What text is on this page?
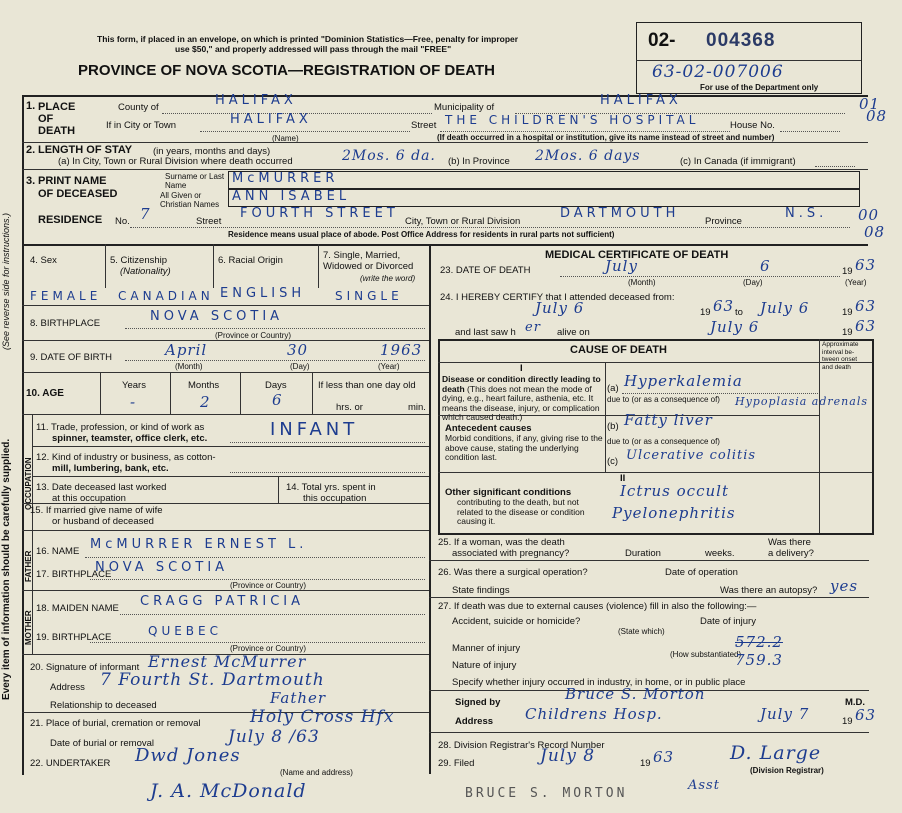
This form, if placed in an envelope, on which is printed "Dominion Statistics—Free, penalty for improper
use $50," and properly addressed will pass through the mail "FREE"
PROVINCE OF NOVA SCOTIA—REGISTRATION OF DEATH
02- 004368
63-02-007006
For use of the Department only
01
08
00
08
Every item of information should be carefully supplied.
(See reverse side for instructions.)
1. PLACE OF DEATH
County of	HALIFAX	Municipality of	HALIFAX
If in City or Town	HALIFAX
(Name)
Street THE CHILDREN'S HOSPITAL	House No.
(If death occurred in a hospital or institution, give its name instead of street and number)
2. LENGTH OF STAY (in years, months and days)
(a) In City, Town or Rural Division where death occurred	2Mos. 6 da. (b) In Province 2Mos. 6 days	(c) In Canada (if immigrant)
3. PRINT NAME
OF DECEASED
Surname or Last Name	McMURRER
All Given or Christian Names
ANN ISABEL
RESIDENCE No. 7	Street
FOURTH STREET
City, Town or Rural Division
DARTMOUTH
Province
N.S.
Residence means usual place of abode. Post Office Address for residents in rural parts not sufficient)
4. Sex	5. Citizenship
(Nationality)
6. Racial Origin	7. Single, Married, Widowed or Divorced
(write the word)
FEMALE CANADIAN ENGLISH SINGLE
8. BIRTHPLACE	NOVA SCOTIA
(Province or Country)
9. DATE OF BIRTH	April	30	1963
(Month)	(Day)	(Year)
10. AGE
Years	Months	Days
-	2	6
If less than one day old
hrs. or	min.
OCCUPATION
11. Trade, profession, or kind of work as
spinner, teamster, office clerk, etc.	INFANT
12. Kind of industry or business, as cotton-
mill, lumbering, bank, etc.
13. Date deceased last worked
at this occupation
14. Total yrs. spent in
this occupation
15. If married give name of wife
or husband of deceased
FATHER 16. NAME McMURRER ERNEST L.
17. BIRTHPLACE
NOVA SCOTIA
(Province or Country)
MOTHER
18. MAIDEN NAME CRAGG PATRICIA
19. BIRTHPLACE	QUEBEC
(Province or Country)
20. Signature of informant Ernest McMurrer
Address 7 Fourth St. Dartmouth
Relationship to deceased	Father
21. Place of burial, cremation or removal	Holy Cross Hfx
Date of burial or removal	July 8 /63
22. UNDERTAKER Dwd Jones
(Name and address)
J. A. McDonald
MEDICAL CERTIFICATE OF DEATH
23. DATE OF DEATH	July	6	19 63
(Month)	(Day)	(Year)
24. I HEREBY CERTIFY that I attended deceased from:
July 6	19 63 to July 6	19 63
and last saw h er alive on	July 6	19 63
CAUSE OF DEATH	Approximate interval be-tween onset and death
I
Disease or condition directly leading to death (This does not mean the mode of dying, e.g., heart failure, asthenia, etc. It means the disease, injury, or complication which caused death.)
(a) Hyperkalemia
due to (or as a consequence of) Hypoplasia adrenals
Antecedent causes
Morbid conditions, if any, giving rise to the above cause, stating the underlying condition last.
(b) Fatty liver
due to (or as a consequence of)
(c) Ulcerative colitis
II
Other significant conditions
contributing to the death, but not related to the disease or condition causing it.
Ictrus occult
Pyelonephritis
25. If a woman, was the death
associated with pregnancy?	Duration	weeks.
Was there
a delivery?
26. Was there a surgical operation?	Date of operation
State findings	Was there an autopsy? yes
27. If death was due to external causes (violence) fill in also the following:—
Accident, suicide or homicide?
(State which)
Date of injury
Manner of injury	572.2
(How substantiated)
Nature of injury	759.3
Specify whether injury occurred in industry, in home, or in public place
Signed by	Bruce S. Morton	M.D.
Address Childrens Hosp.	July 7	19 63
28. Division Registrar's Record Number
29. Filed	July 8	19 63	D. Large
(Division Registrar)
BRUCE S. MORTON
Asst
